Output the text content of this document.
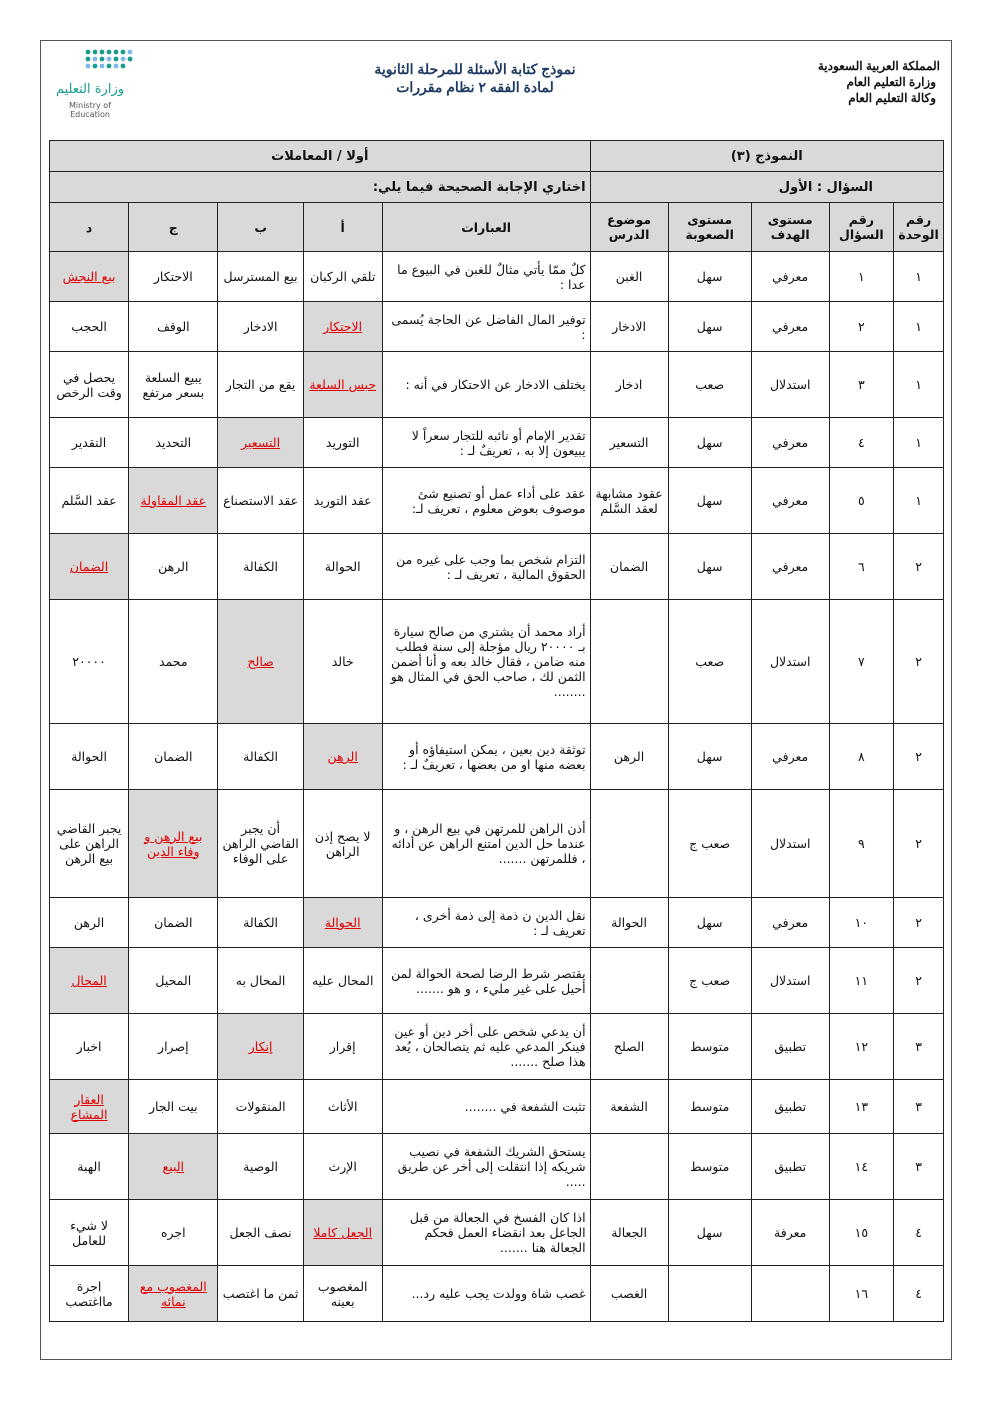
المملكة العربية السعودية
وزارة التعليم العام
وكالة التعليم العام
نموذج كتابة الأسئلة للمرحلة الثانوية
لمادة الفقه ٢ نظام مقررات
وزارة التعليم
Ministry of Education
النموذج (٣)					أولا / المعاملات				
السؤال : الأول					اختاري الإجابة الصحيحة فيما يلي:				
رقم الوحدة	رقم السؤال	مستوى الهدف	مستوى الصعوبة	موضوع الدرس	العبارات	أ	ب	ج	د
١	١	معرفي	سهل	الغبن	كلٌ ممّا يأتي مثالٌ للغبن في البيوع ما عدا :	تلقي الركبان	بيع المسترسل	الاحتكار	بيع النجش
١	٢	معرفي	سهل	الادخار	توفير المال الفاضل عن الحاجة يُسمى :	الاحتكار	الادخار	الوقف	الحجب
١	٣	استدلال	صعب	ادخار	يختلف الادخار عن الاحتكار في أنه :	حبس السلعة	يقع من التجار	يبيع السلعة بسعر مرتفع	يحصل في وقت الرخص
١	٤	معرفي	سهل	التسعير	تقدير الإمام أو نائبه للتجار سعراً لا يبيعون إلا به ، تعريفٌ لـ :	التوريد	التسعير	التحديد	التقدير
١	٥	معرفي	سهل	عقود مشابهة لعقد السَّلم	عقد على أداء عمل أو تصنيع شئ موصوف بعوض معلوم ، تعريف لـ:	عقد التوريد	عقد الاستصناع	عقد المقاولة	عقد السَّلم
٢	٦	معرفي	سهل	الضمان	التزام شخص بما وجب على غيره من الحقوق المالية ، تعريف لـ :	الحوالة	الكفالة	الرهن	الضمان
٢	٧	استدلال	صعب		أراد محمد أن يشتري من صالح سيارة بـ ٢٠٠٠٠ ريال مؤجلة إلى سنة فطلب منه ضامن ، فقال خالد بعه و أنا أضمن الثمن لك ، صاحب الحق في المثال هو ........	خالد	صالح	محمد	٢٠٠٠٠
٢	٨	معرفي	سهل	الرهن	توثقة دين بعين ، يمكن استيفاؤه أو بعضه منها او من بعضها ، تعريفٌ لـ :	الرهن	الكفالة	الضمان	الحوالة
٢	٩	استدلال	صعب ج		أذن الراهن للمرتهن في بيع الرهن ، و عندما حل الدين امتنع الراهن عن أدائه ، فللمرتهن .......	لا يصح إذن الراهن	أن يجبر القاضي الراهن على الوفاء	بيع الرهن و وفاء الدين	يجبر القاضي الراهن على بيع الرهن
٢	١٠	معرفي	سهل	الحوالة	نقل الدين ن ذمة إلى ذمة أخرى ، تعريف لـ :	الحوالة	الكفالة	الضمان	الرهن
٢	١١	استدلال	صعب ج		يقتصر شرط الرضا لصحة الحوالة لمن أحيل على غير مليء ، و هو .......	المحال عليه	المحال به	المحيل	المحال
٣	١٢	تطبيق	متوسط	الصلح	أن يدعي شخص على أخر دين أو عين فينكر المدعي عليه ثم يتصالحان ، يُعد هذا صلح .......	إقرار	إنكار	إصرار	اخبار
٣	١٣	تطبيق	متوسط	الشفعة	تثبت الشفعة في ........	الأثاث	المنقولات	بيت الجار	العقار المشاع
٣	١٤	تطبيق	متوسط		يستحق الشريك الشفعة في نصيب شريكه إذا انتقلت إلى أخر عن طريق .....	الإرث	الوصية	البيع	الهبة
٤	١٥	معرفة	سهل	الجعالة	اذا كان الفسخ في الجعالة من قبل الجاعل بعد انقضاء العمل فحكم الجعالة هنا .......	الجعل كاملا	نصف الجعل	اجره	لا شيء للعامل
٤	١٦			الغصب	غصب شاة وولدت يجب عليه رد...	المغصوب بعينه	ثمن ما اغتصب	المغصوب مع نمائه	اجرة مااغتصب
